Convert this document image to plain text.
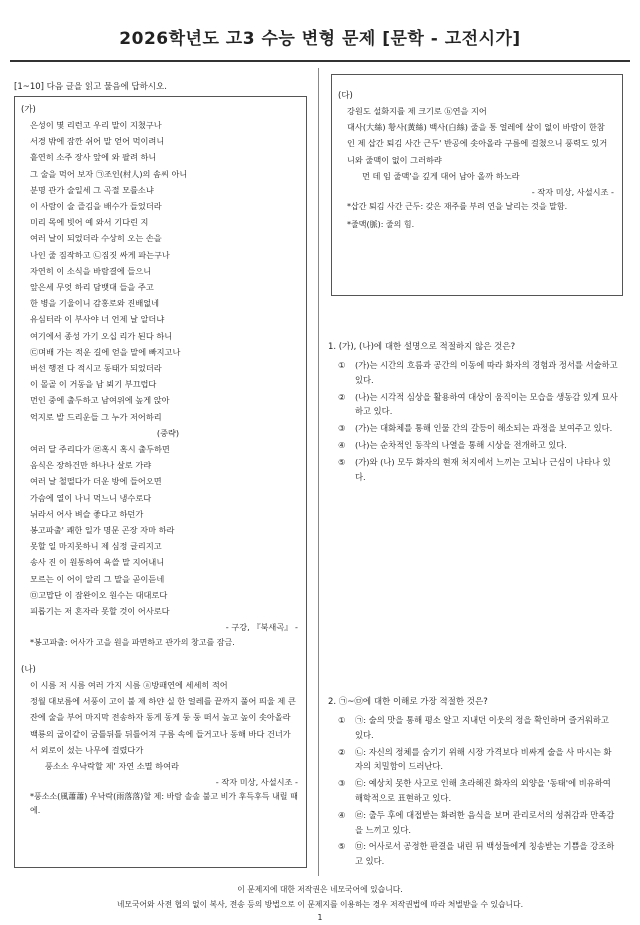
2026학년도 고3 수능 변형 문제 [문학 - 고전시가]
[1~10] 다음 글을 읽고 물음에 답하시오.
(가)
은성이 몇 리런고 우리 말이 지쳤구나
서경 밖에 잠깐 쉬어 말 얻어 먹이려니
흩연히 소주 장사 앞에 와 팔려 하니
그 술을 먹어 보자 ㉠조인(村人)의 솜씨 아니
분명 관가 술일세 그 곡절 모를소냐
이 사람이 술 즐김을 배수가 들었더라
미리 목에 빗어 예 와서 기다린 지
여러 날이 되었더라 수상히 오는 손을
나인 줄 짐작하고 ㉡짐짓 싸게 파는구나
자연히 이 소식을 바람결에 들으니
앞은세 무엇 하리 담뱃대 들을 주고
한 병을 기울이니 감홍로와 진배없네
유심터라 이 부사야 너 언제 날 알더냐
여기에서 종성 가기 오십 리가 된다 하니
㉢며배 가는 적운 길에 얻을 말에 빠지고나
버선 행전 다 적시고 동태가 되었더라
이 몰골 이 거동을 남 뵈기 부끄럽다
먼인 중에 출두하고 남여위에 높게 앉아
억지로 발 드리운들 그 누가 저어하리
(중략)
여러 달 주리다가 ㉣혹시 혹시 출두하면
음식은 장하건만 하나나 살로 가랴
여러 날 철떨다가 더운 방에 들어오면
가슴에 열이 나니 먹느니 냉수로다
뉘라서 어사 벼슬 좋다고 하던가
봉고파출' 쾌한 일가 명문 곤장 자마 하라
못할 일 마지못하니 제 심정 글리지고
송사 진 이 원통하여 욕쓸 말 지어내니
모르는 이 어이 알리 그 말을 곧이듣네
㉤고맙단 이 잠완이오 원수는 대대로다
피롭기는 저 혼자라 못할 것이 어사로다
- 구강, 『북새곡』 -
*봉고파출: 어사가 고을 원을 파면하고 관가의 창고를 잠금.
(나)
이 시름 저 시름 여러 가지 시름 ⓐ방패연에 세세히 적어
정월 대보름에 서풍이 고이 불 제 하얀 실 한 얼레를 끝까지 풀어 띄울 제 큰 잔에 술을 부어 마지막 전송하자 동게 동게 둥 둥 떠서 높고 높이 솟아올라 백룡의 굽이같이 굼틀뒤틀 뒤틀어져 구름 속에 들거고나 동해 바다 건너가서 외로이 섰는 나무에 걸렸다가
풍소소 우낙락할 제' 자연 소멸 하여라
- 작자 미상, 사설시조 -
*풍소소(風蕭蕭) 우낙락(雨落落)할 제: 바람 솔솔 불고 비가 후득후득 내릴 때에.
(다)
강원도 설화지를 제 크기로 ⓑ연을 지어
대사(大絲) 황사(黃絲) 백사(白絲) 줄을 통 얼레에 살이 없이 바람이 한참인 제 삽간 퇴김 사간 근두' 반공에 솟아올라 구름에 걸쳤으니 풍력도 있거니와 줄맥이 없이 그러하랴
먼 데 임 줄맥'을 깊게 대어 남아 올까 하노라
- 작자 미상, 사설시조 -
*삽간 퇴김 사간 근두: 갖은 재주를 부려 연을 날리는 것을 말함.
*줄맥(脈): 줄의 힘.
1. (가), (나)에 대한 설명으로 적절하지 않은 것은?
①	(가)는 시간의 흐름과 공간의 이동에 따라 화자의 경험과 정서를 서술하고 있다.
②	(나)는 시각적 심상을 활용하여 대상이 움직이는 모습을 생동감 있게 묘사하고 있다.
③	(가)는 대화체를 통해 인물 간의 갈등이 해소되는 과정을 보여주고 있다.
④	(나)는 순차적인 동작의 나열을 통해 시상을 전개하고 있다.
⑤	(가)와 (나) 모두 화자의 현재 처지에서 느끼는 고뇌나 근심이 나타나 있다.
2. ㉠~㉤에 대한 이해로 가장 적절한 것은?
①	㉠: 술의 맛을 통해 평소 알고 지내던 이웃의 정을 확인하며 즐거워하고 있다.
②	㉡: 자신의 정체를 숨기기 위해 시장 가격보다 비싸게 술을 사 마시는 화자의 치밀함이 드러난다.
③	㉢: 예상치 못한 사고로 인해 초라해진 화자의 외양을 '동태'에 비유하여 해학적으로 표현하고 있다.
④	㉣: 출두 후에 대접받는 화려한 음식을 보며 관리로서의 성취감과 만족감을 느끼고 있다.
⑤	㉤: 어사로서 공정한 판결을 내린 뒤 백성들에게 칭송받는 기쁨을 강조하고 있다.
이 문제지에 대한 저작권은 네모국어에 있습니다.
네모국어와 사전 협의 없이 복사, 전송 등의 방법으로 이 문제지를 이용하는 경우 저작권법에 따라 처벌받을 수 있습니다.
1
